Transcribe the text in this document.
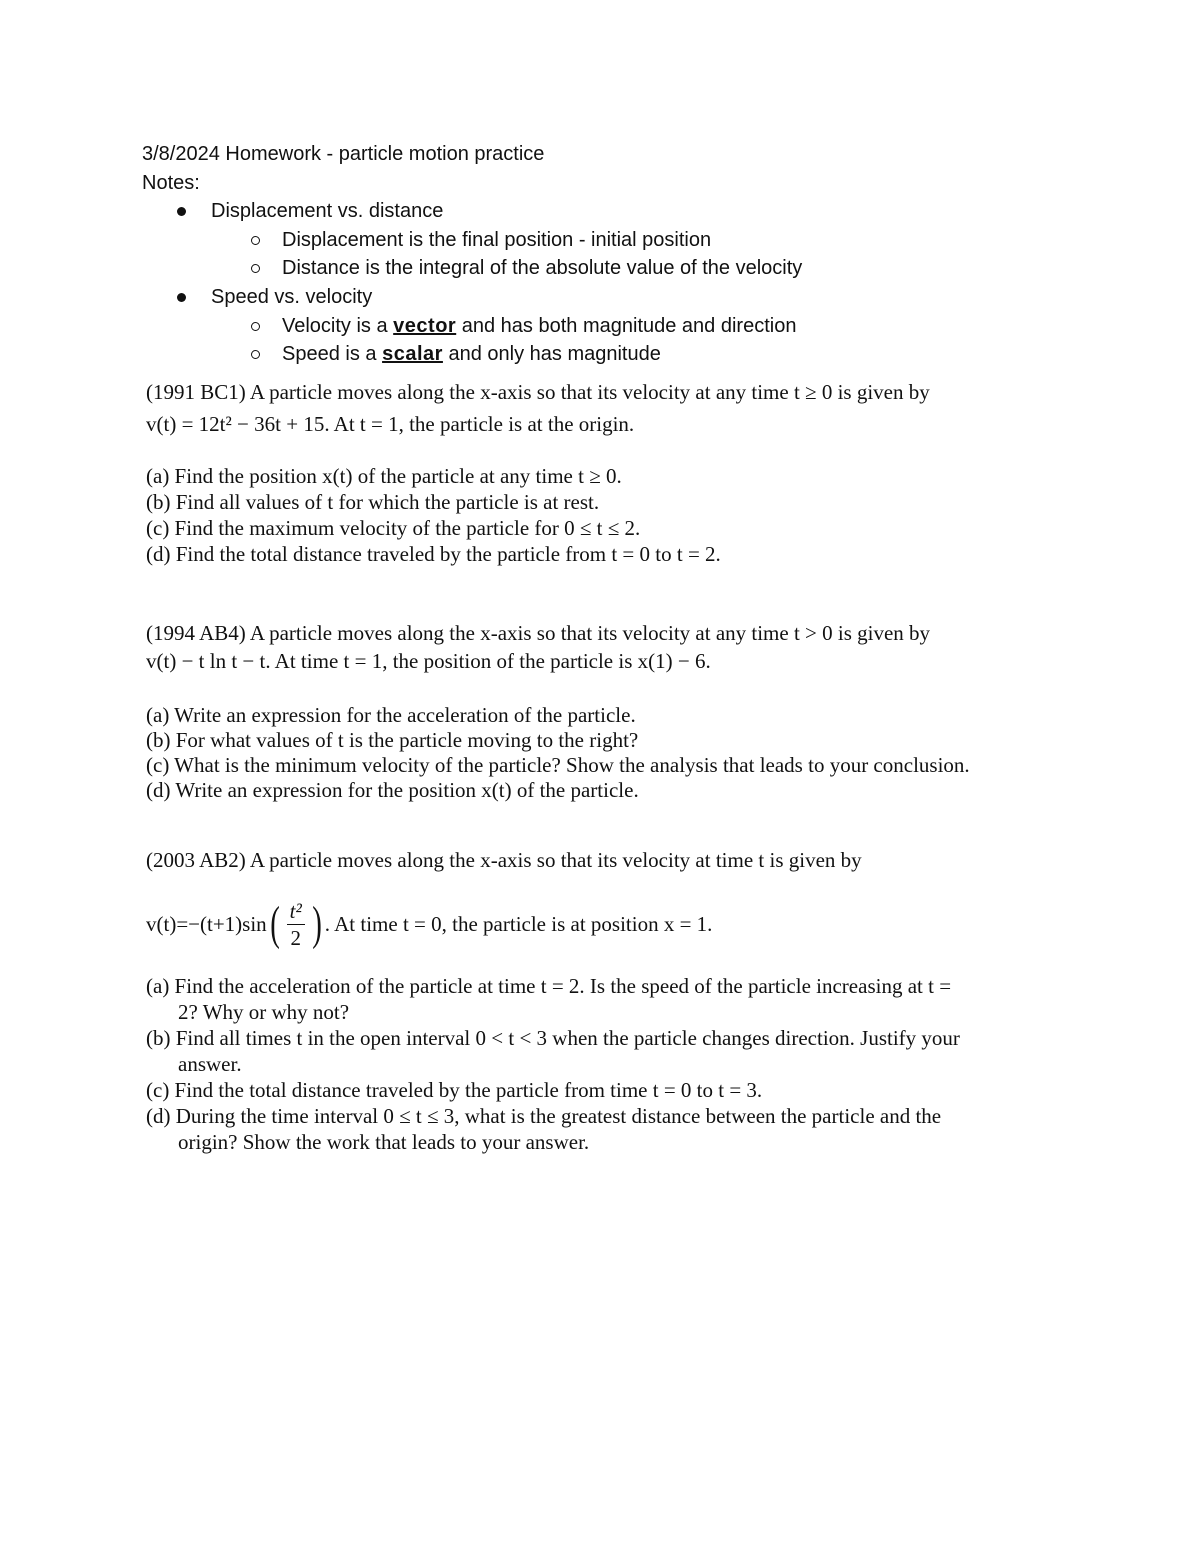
3/8/2024 Homework - particle motion practice
Notes:
Displacement vs. distance
Displacement is the final position - initial position
Distance is the integral of the absolute value of the velocity
Speed vs. velocity
Velocity is a vector and has both magnitude and direction
Speed is a scalar and only has magnitude
(1991 BC1) A particle moves along the x-axis so that its velocity at any time t ≥ 0 is given by
v(t) = 12t² − 36t + 15. At t = 1, the particle is at the origin.
(a) Find the position x(t) of the particle at any time t ≥ 0.
(b) Find all values of t for which the particle is at rest.
(c) Find the maximum velocity of the particle for 0 ≤ t ≤ 2.
(d) Find the total distance traveled by the particle from t = 0 to t = 2.
(1994 AB4) A particle moves along the x-axis so that its velocity at any time t > 0 is given by
v(t) − t ln t − t. At time t = 1, the position of the particle is x(1) − 6.
(a) Write an expression for the acceleration of the particle.
(b) For what values of t is the particle moving to the right?
(c) What is the minimum velocity of the particle? Show the analysis that leads to your conclusion.
(d) Write an expression for the position x(t) of the particle.
(2003 AB2) A particle moves along the x-axis so that its velocity at time t is given by
v(t)=−(t+1)sin ( $\frac{\text{t²}}{2}$ ) . At time t = 0, the particle is at position x = 1.
(a) Find the acceleration of the particle at time t = 2. Is the speed of the particle increasing at t =
2? Why or why not?
(b) Find all times t in the open interval 0 < t < 3 when the particle changes direction. Justify your
answer.
(c) Find the total distance traveled by the particle from time t = 0 to t = 3.
(d) During the time interval 0 ≤ t ≤ 3, what is the greatest distance between the particle and the
origin? Show the work that leads to your answer.
